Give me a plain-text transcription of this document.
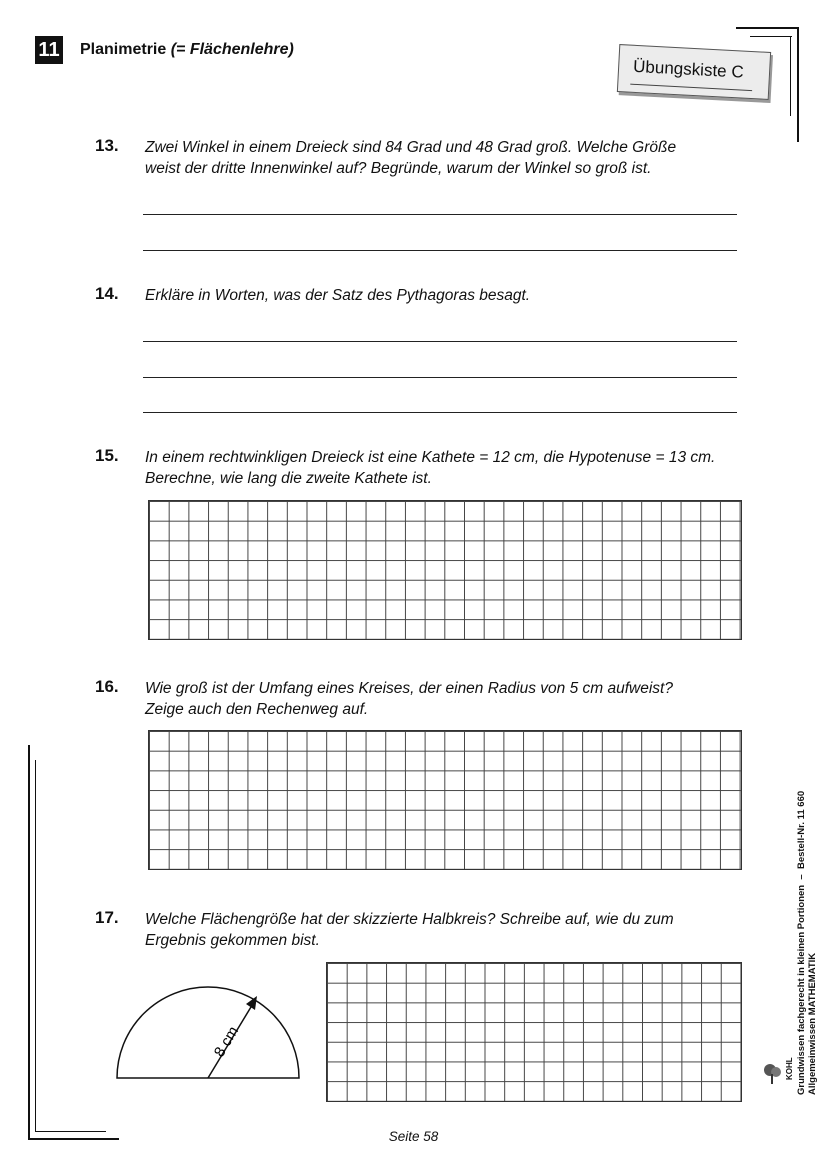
11 Planimetrie (= Flächenlehre)
Übungskiste C
13. Zwei Winkel in einem Dreieck sind 84 Grad und 48 Grad groß. Welche Größe
weist der dritte Innenwinkel auf? Begründe, warum der Winkel so groß ist.
14. Erkläre in Worten, was der Satz des Pythagoras besagt.
15. In einem rechtwinkligen Dreieck ist eine Kathete = 12 cm, die Hypotenuse = 13 cm.
Berechne, wie lang die zweite Kathete ist.
16. Wie groß ist der Umfang eines Kreises, der einen Radius von 5 cm aufweist?
Zeige auch den Rechenweg auf.
17. Welche Flächengröße hat der skizzierte Halbkreis? Schreibe auf, wie du zum
Ergebnis gekommen bist.
8 cm	Grundwissen fachgerecht in kleinen Portionen  –  Bestell-Nr. 11 660
Allgemeinwissen MATHEMATIK
KOHL
Seite 58
